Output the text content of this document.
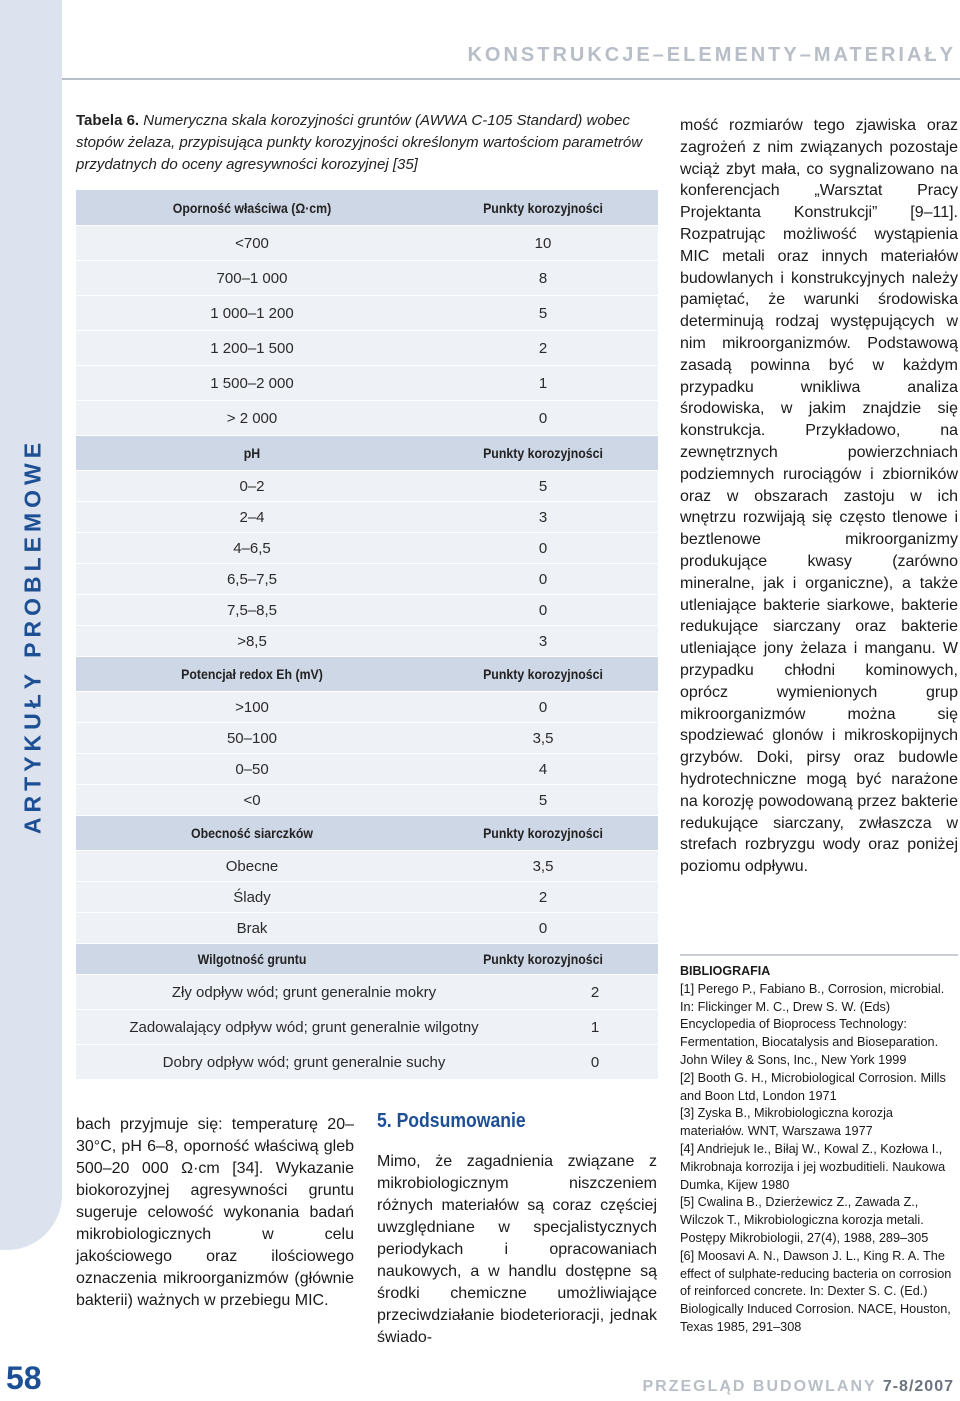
ARTYKUŁY PROBLEMOWE
58
KONSTRUKCJE–ELEMENTY–MATERIAŁY
Tabela 6. Numeryczna skala korozyjności gruntów (AWWA C-105 Standard) wobec stopów żelaza, przypisująca punkty korozyjności określonym wartościom parametrów przydatnych do oceny agresywności korozyjnej [35]
Oporność właściwa (Ω·cm)	Punkty korozyjności
<700	10
700–1 000	8
1 000–1 200	5
1 200–1 500	2
1 500–2 000	1
> 2 000	0
pH	Punkty korozyjności
0–2	5
2–4	3
4–6,5	0
6,5–7,5	0
7,5–8,5	0
>8,5	3
Potencjał redox Eh (mV)	Punkty korozyjności
>100	0
50–100	3,5
0–50	4
<0	5
Obecność siarczków	Punkty korozyjności
Obecne	3,5
Ślady	2
Brak	0
Wilgotność gruntu	Punkty korozyjności
Zły odpływ wód; grunt generalnie mokry	2
Zadowalający odpływ wód; grunt generalnie wilgotny	1
Dobry odpływ wód; grunt generalnie suchy	0

bach przyjmuje się: temperaturę 20–30°C, pH 6–8, oporność właściwą gleb 500–20 000 Ω·cm [34]. Wykazanie biokorozyjnej agresywności gruntu sugeruje celowość wykonania badań mikrobiologicznych w celu jakościowego oraz ilościowego oznaczenia mikroorganizmów (głównie bakterii) ważnych w przebiegu MIC.

5. Podsumowanie

Mimo, że zagadnienia związane z mikrobiologicznym niszczeniem różnych materiałów są coraz częściej uwzględniane w specjalistycznych periodykach i opracowaniach naukowych, a w handlu dostępne są środki chemiczne umożliwiające przeciwdziałanie biodeterioracji, jednak świado-

mość rozmiarów tego zjawiska oraz zagrożeń z nim związanych pozostaje wciąż zbyt mała, co sygnalizowano na konferencjach „Warsztat Pracy Projektanta Konstrukcji” [9–11]. Rozpatrując możliwość wystąpienia MIC metali oraz innych materiałów budowlanych i konstrukcyjnych należy pamiętać, że warunki środowiska determinują rodzaj występujących w nim mikroorganizmów. Podstawową zasadą powinna być w każdym przypadku wnikliwa analiza środowiska, w jakim znajdzie się konstrukcja. Przykładowo, na zewnętrznych powierzchniach podziemnych rurociągów i zbiorników oraz w obszarach zastoju w ich wnętrzu rozwijają się często tlenowe i beztlenowe mikroorganizmy produkujące kwasy (zarówno mineralne, jak i organiczne), a także utleniające bakterie siarkowe, bakterie redukujące siarczany oraz bakterie utleniające jony żelaza i manganu. W przypadku chłodni kominowych, oprócz wymienionych grup mikroorganizmów można się spodziewać glonów i mikroskopijnych grzybów. Doki, pirsy oraz budowle hydrotechniczne mogą być narażone na korozję powodowaną przez bakterie redukujące siarczany, zwłaszcza w strefach rozbryzgu wody oraz poniżej poziomu odpływu.

BIBLIOGRAFIA
[1] Perego P., Fabiano B., Corrosion, microbial. In: Flickinger M. C., Drew S. W. (Eds) Encyclopedia of Bioprocess Technology: Fermentation, Biocatalysis and Bioseparation. John Wiley & Sons, Inc., New York 1999
[2] Booth G. H., Microbiological Corrosion. Mills and Boon Ltd, London 1971
[3] Zyska B., Mikrobiologiczna korozja materiałów. WNT, Warszawa 1977
[4] Andriejuk Ie., Biłaj W., Kowal Z., Kozłowa I., Mikrobnaja korrozija i jej wozbuditieli. Naukowa Dumka, Kijew 1980
[5] Cwalina B., Dzierżewicz Z., Zawada Z., Wilczok T., Mikrobiologiczna korozja metali. Postępy Mikrobiologii, 27(4), 1988, 289–305
[6] Moosavi A. N., Dawson J. L., King R. A. The effect of sulphate-reducing bacteria on corrosion of reinforced concrete. In: Dexter S. C. (Ed.) Biologically Induced Corrosion. NACE, Houston, Texas 1985, 291–308
PRZEGLĄD BUDOWLANY 7-8/2007
